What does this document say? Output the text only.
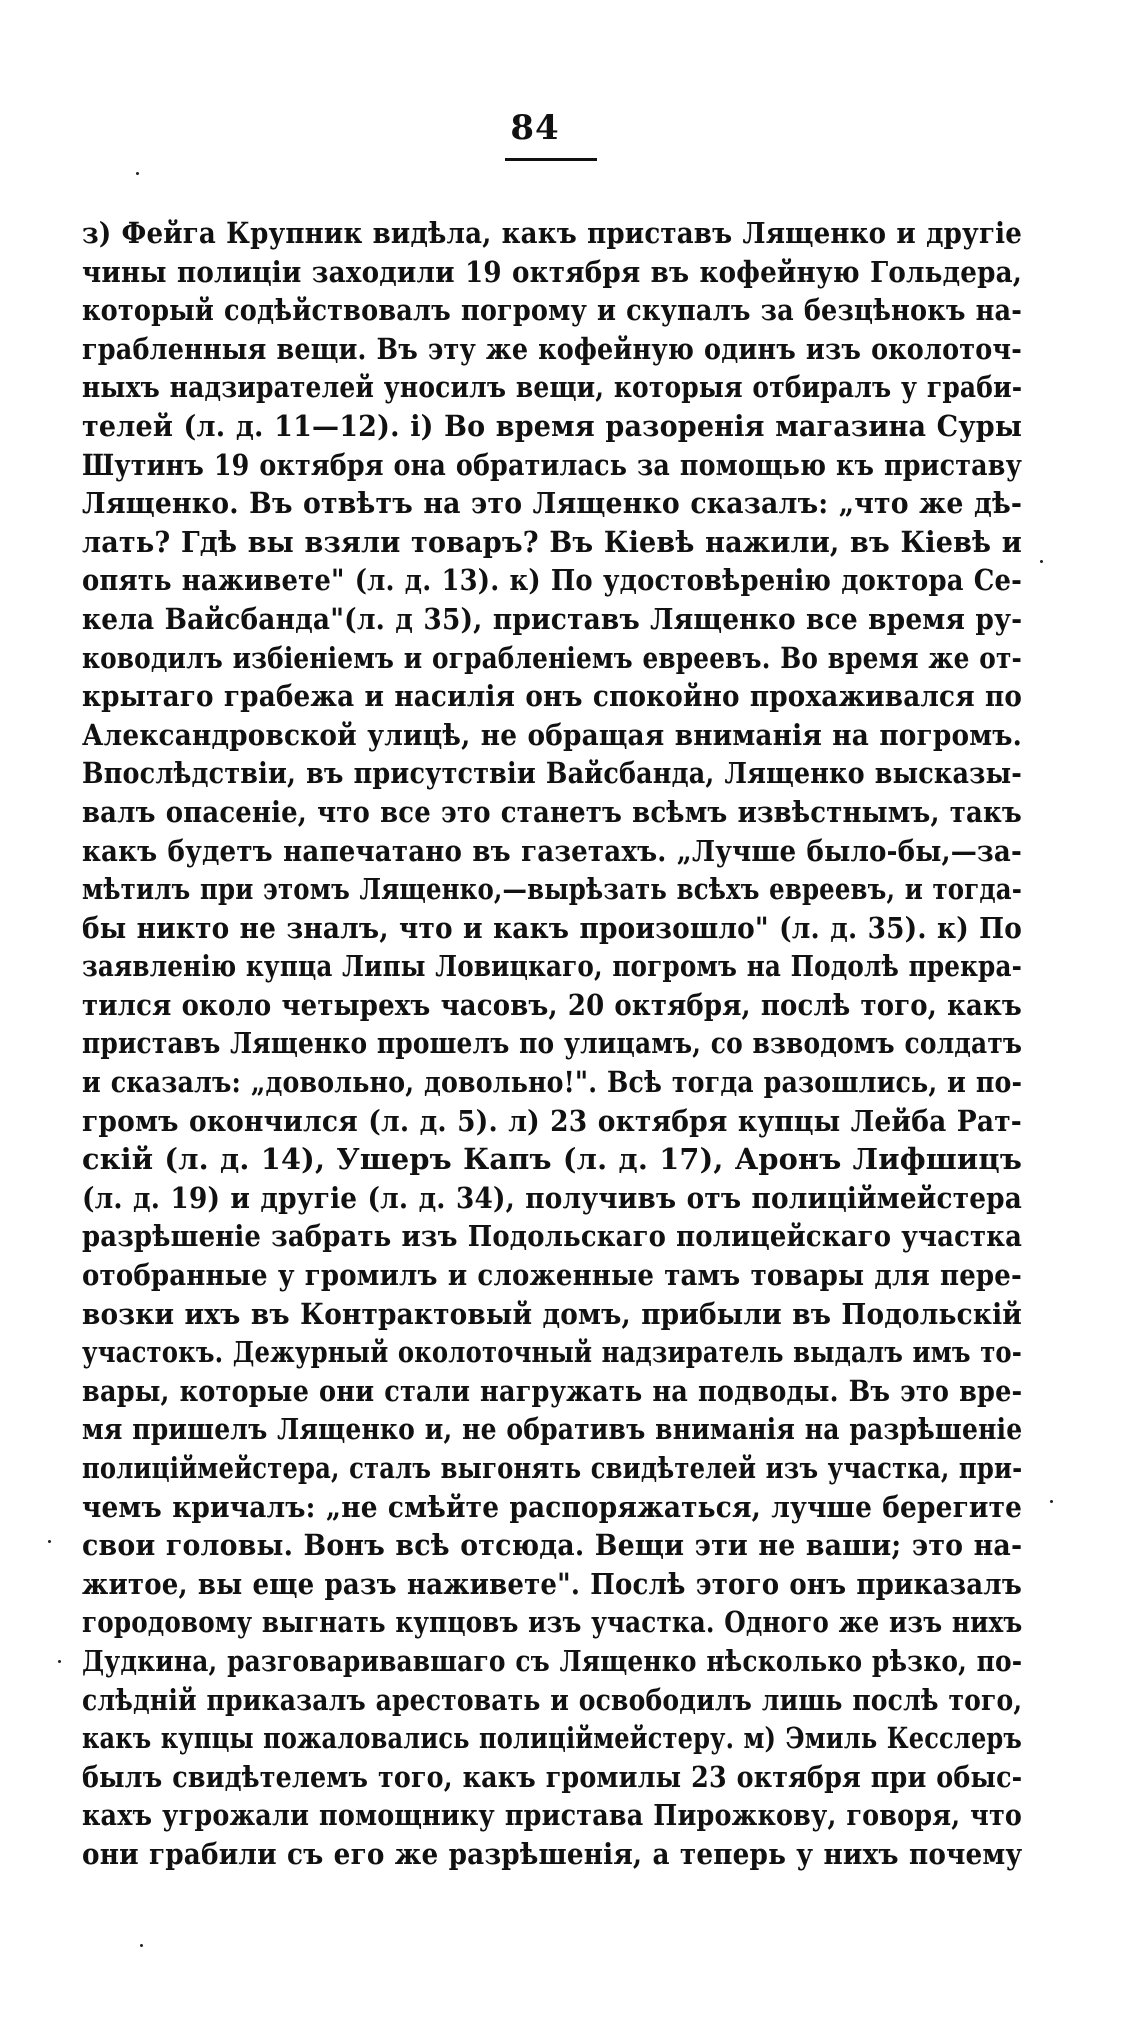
84
з) Фейга Крупник видѣла, какъ приставъ Лященко и другіе
чины полиціи заходили 19 октября въ кофейную Гольдера,
который содѣйствовалъ погрому и скупалъ за безцѣнокъ на-
грабленныя вещи. Въ эту же кофейную одинъ изъ околоточ-
ныхъ надзирателей уносилъ вещи, которыя отбиралъ у граби-
телей (л. д. 11—12). і) Во время разоренія магазина Суры
Шутинъ 19 октября она обратилась за помощью къ приставу
Лященко. Въ отвѣтъ на это Лященко сказалъ: „что же дѣ-
лать? Гдѣ вы взяли товаръ? Въ Кіевѣ нажили, въ Кіевѣ и
опять наживете" (л. д. 13). к) По удостовѣренію доктора Се-
кела Вайсбанда"(л. д 35), приставъ Лященко все время ру-
ководилъ избіеніемъ и ограбленіемъ евреевъ. Во время же от-
крытаго грабежа и насилія онъ спокойно прохаживался по
Александровской улицѣ, не обращая вниманія на погромъ.
Впослѣдствіи, въ присутствіи Вайсбанда, Лященко высказы-
валъ опасеніе, что все это станетъ всѣмъ извѣстнымъ, такъ
какъ будетъ напечатано въ газетахъ. „Лучше было-бы,—за-
мѣтилъ при этомъ Лященко,—вырѣзать всѣхъ евреевъ, и тогда-
бы никто не зналъ, что и какъ произошло" (л. д. 35). к) По
заявленію купца Липы Ловицкаго, погромъ на Подолѣ прекра-
тился около четырехъ часовъ, 20 октября, послѣ того, какъ
приставъ Лященко прошелъ по улицамъ, со взводомъ солдатъ
и сказалъ: „довольно, довольно!". Всѣ тогда разошлись, и по-
громъ окончился (л. д. 5). л) 23 октября купцы Лейба Рат-
скій (л. д. 14), Ушеръ Капъ (л. д. 17), Аронъ Лифшицъ
(л. д. 19) и другіе (л. д. 34), получивъ отъ полиціймейстера
разрѣшеніе забрать изъ Подольскаго полицейскаго участка
отобранные у громилъ и сложенные тамъ товары для пере-
возки ихъ въ Контрактовый домъ, прибыли въ Подольскій
участокъ. Дежурный околоточный надзиратель выдалъ имъ то-
вары, которые они стали нагружать на подводы. Въ это вре-
мя пришелъ Лященко и, не обративъ вниманія на разрѣшеніе
полиціймейстера, сталъ выгонять свидѣтелей изъ участка, при-
чемъ кричалъ: „не смѣйте распоряжаться, лучше берегите
свои головы. Вонъ всѣ отсюда. Вещи эти не ваши; это на-
житое, вы еще разъ наживете". Послѣ этого онъ приказалъ
городовому выгнать купцовъ изъ участка. Одного же изъ нихъ
Дудкина, разговаривавшаго съ Лященко нѣсколько рѣзко, по-
слѣдній приказалъ арестовать и освободилъ лишь послѣ того,
какъ купцы пожаловались полиціймейстеру. м) Эмиль Кесслеръ
былъ свидѣтелемъ того, какъ громилы 23 октября при обыс-
кахъ угрожали помощнику пристава Пирожкову, говоря, что
они грабили съ его же разрѣшенія, а теперь у нихъ почему
